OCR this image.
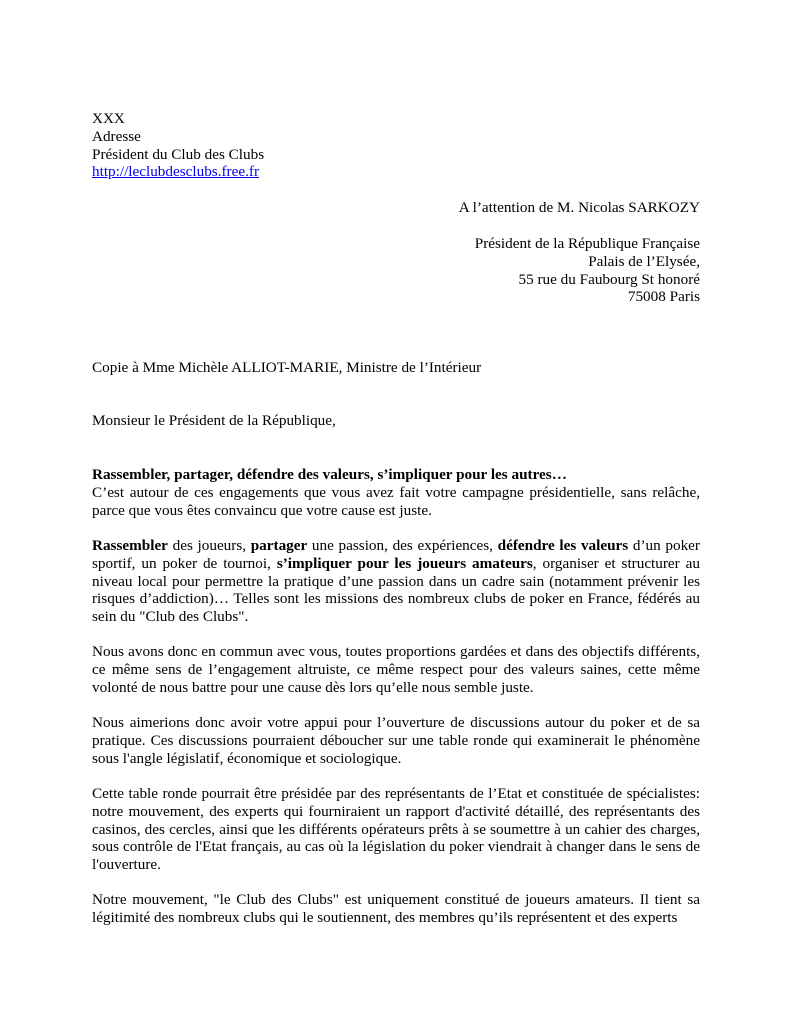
XXX
Adresse
Président du Club des Clubs
http://leclubdesclubs.free.fr
A l’attention de M. Nicolas SARKOZY
Président de la République Française
Palais de l’Elysée,
55 rue du Faubourg St honoré
75008 Paris
Copie à Mme Michèle ALLIOT-MARIE, Ministre de l’Intérieur
Monsieur le Président de la République,
Rassembler, partager, défendre des valeurs, s’impliquer pour les autres…
C’est autour de ces engagements que vous avez fait votre campagne présidentielle, sans relâche, parce que vous êtes convaincu que votre cause est juste.
Rassembler des joueurs, partager une passion, des expériences, défendre les valeurs d’un poker sportif, un poker de tournoi, s’impliquer pour les joueurs amateurs, organiser et structurer au niveau local pour permettre la pratique d’une passion dans un cadre sain (notamment prévenir les risques d’addiction)… Telles sont les missions des nombreux clubs de poker en France, fédérés au sein du "Club des Clubs".
Nous avons donc en commun avec vous, toutes proportions gardées et dans des objectifs différents, ce même sens de l’engagement altruiste, ce même respect pour des valeurs saines, cette même volonté de nous battre pour une cause dès lors qu’elle nous semble juste.
Nous aimerions donc avoir votre appui pour l’ouverture de discussions autour du poker et de sa pratique. Ces discussions pourraient déboucher sur une table ronde qui examinerait le phénomène sous l'angle législatif, économique et sociologique.
Cette table ronde pourrait être présidée par des représentants de l’Etat et constituée de spécialistes: notre mouvement, des experts qui fourniraient un rapport d'activité détaillé, des représentants des casinos, des cercles, ainsi que les différents opérateurs prêts à se soumettre à un cahier des charges, sous contrôle de l'Etat français, au cas où la législation du poker viendrait à changer dans le sens de l'ouverture.
Notre mouvement, "le Club des Clubs" est uniquement constitué de joueurs amateurs. Il tient sa légitimité des nombreux clubs qui le soutiennent, des membres qu’ils représentent et des experts
